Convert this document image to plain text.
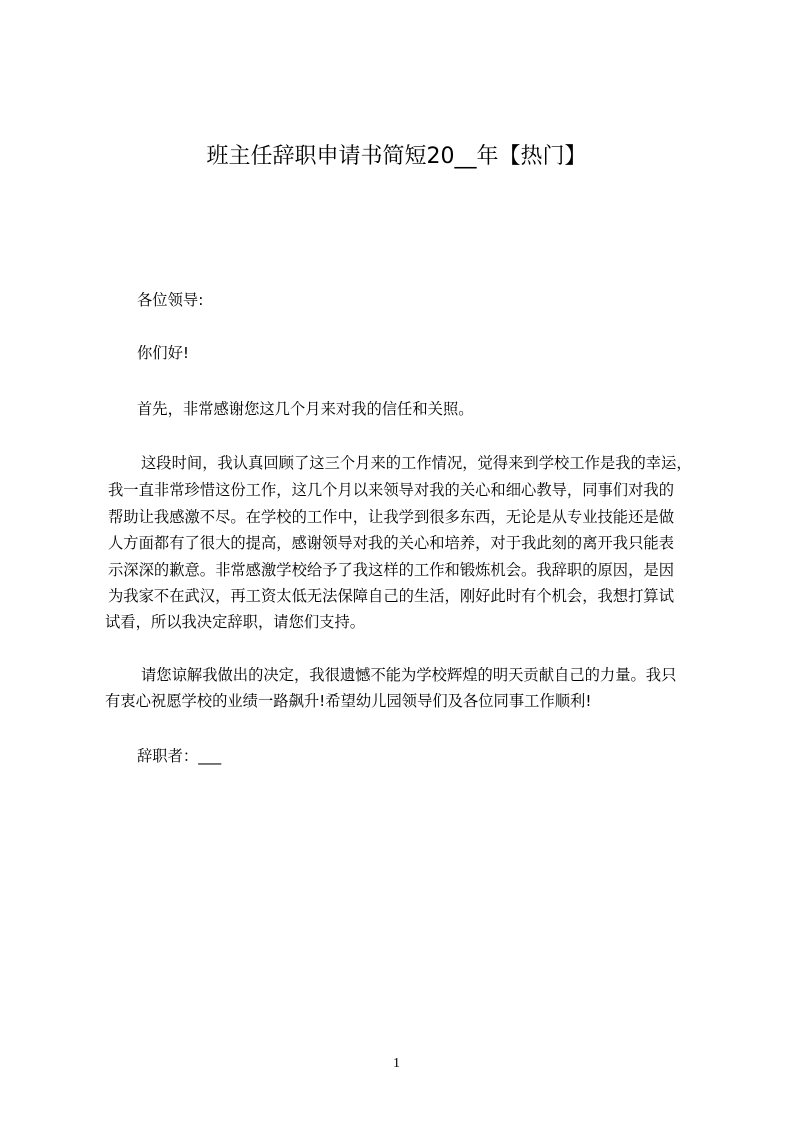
班主任辞职申请书简短20__年【热门】
各位领导:
你们好!
首先，非常感谢您这几个月来对我的信任和关照。
这段时间，我认真回顾了这三个月来的工作情况，觉得来到学校工作是我的幸运，
我一直非常珍惜这份工作，这几个月以来领导对我的关心和细心教导，同事们对我的
帮助让我感激不尽。在学校的工作中，让我学到很多东西，无论是从专业技能还是做
人方面都有了很大的提高，感谢领导对我的关心和培养，对于我此刻的离开我只能表
示深深的歉意。非常感激学校给予了我这样的工作和锻炼机会。我辞职的原因，是因
为我家不在武汉，再工资太低无法保障自己的生活，刚好此时有个机会，我想打算试
试看，所以我决定辞职，请您们支持。
请您谅解我做出的决定，我很遗憾不能为学校辉煌的明天贡献自己的力量。我只
有衷心祝愿学校的业绩一路飙升!希望幼儿园领导们及各位同事工作顺利!
辞职者：___
1
